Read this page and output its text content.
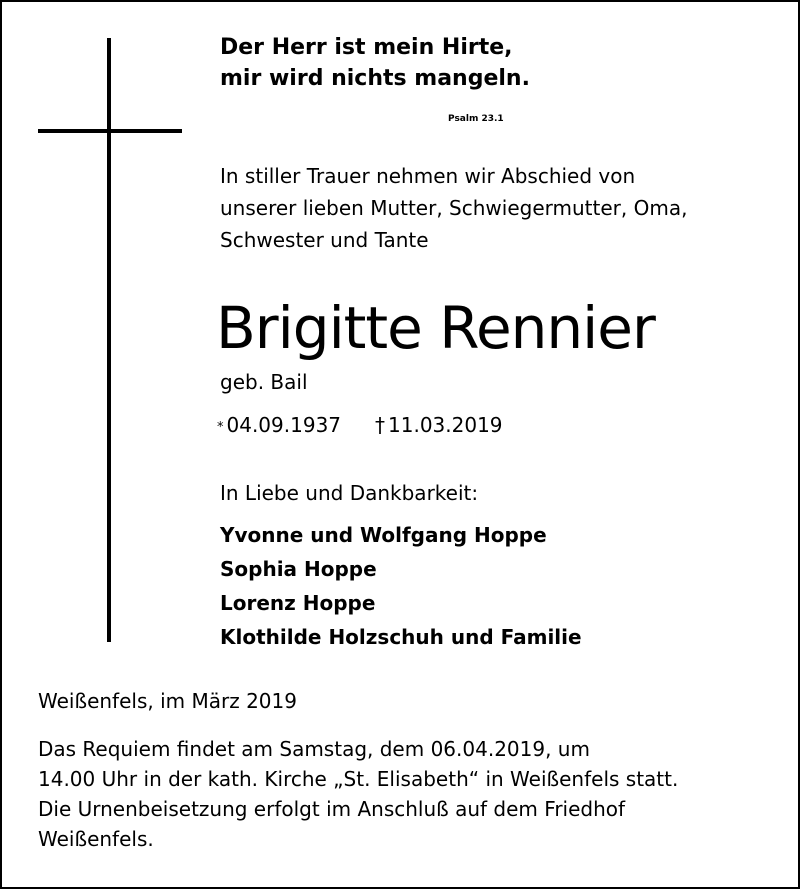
Der Herr ist mein Hirte,
mir wird nichts mangeln.
Psalm 23.1
In stiller Trauer nehmen wir Abschied von
unserer lieben Mutter, Schwiegermutter, Oma,
Schwester und Tante
Brigitte Rennier
geb. Bail
* 04.09.1937 † 11.03.2019
In Liebe und Dankbarkeit:
Yvonne und Wolfgang Hoppe
Sophia Hoppe
Lorenz Hoppe
Klothilde Holzschuh und Familie
Weißenfels, im März 2019
Das Requiem findet am Samstag, dem 06.04.2019, um
14.00 Uhr in der kath. Kirche „St. Elisabeth“ in Weißenfels statt.
Die Urnenbeisetzung erfolgt im Anschluß auf dem Friedhof
Weißenfels.
